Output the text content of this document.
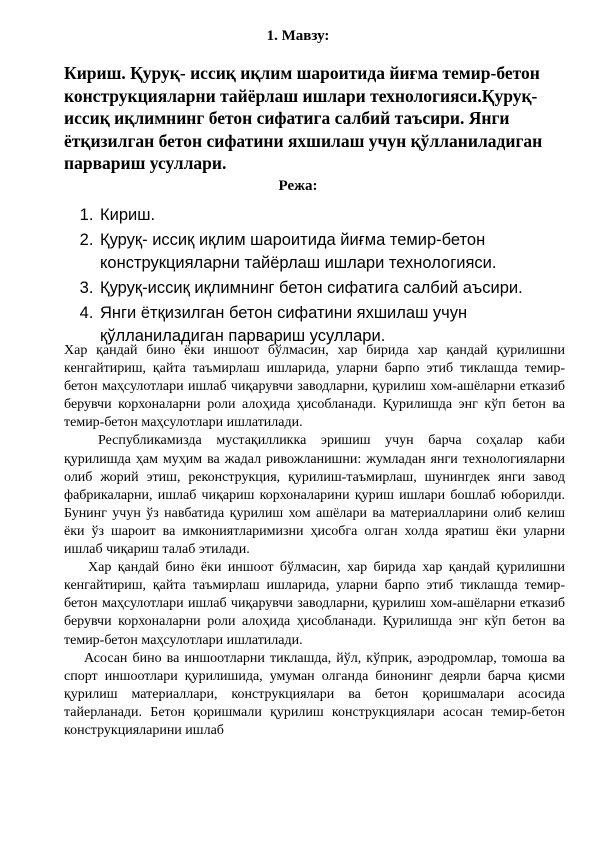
1. Мавзу:
Кириш. Қуруқ- иссиқ иқлим шароитида йиғма темир-бетон конструкцияларни тайёрлаш ишлари технологияси.Қуруқ-иссиқ иқлимнинг бетон сифатига салбий таъсири. Янги ётқизилган бетон сифатини яхшилаш учун қўлланиладиган парвариш усуллари.
Режа:
1. Кириш.
2. Қуруқ- иссиқ иқлим шароитида йиғма темир-бетон конструкцияларни тайёрлаш ишлари технологияси.
3. Қуруқ-иссиқ иқлимнинг бетон сифатига салбий аъсири.
4. Янги ётқизилган бетон сифатини яхшилаш учун қўлланиладиган парвариш усуллари.

Хар қандай бино ёки иншоот бўлмасин, хар бирида хар қандай қурилишни кенгайтириш, қайта таъмирлаш ишларида, уларни барпо этиб тиклашда темир-бетон маҳсулотлари ишлаб чиқарувчи заводларни, қурилиш хом-ашёларни етказиб берувчи корхоналарни роли алоҳида ҳисобланади. Қурилишда энг кўп бетон ва темир-бетон маҳсулотлари ишлатилади.

Республикамизда мустақилликка эришиш учун барча соҳалар каби қурилишда ҳам муҳим ва жадал ривожланишни: жумладан янги технологияларни олиб жорий этиш, реконструкция, қурилиш-таъмирлаш, шунингдек янги завод фабрикаларни, ишлаб чиқариш корхоналарини қуриш ишлари бошлаб юборилди. Бунинг учун ўз навбатида қурилиш хом ашёлари ва материалларини олиб келиш ёки ўз шароит ва имкониятларимизни ҳисобга олган холда яратиш ёки уларни ишлаб чиқариш талаб этилади.

Хар қандай бино ёки иншоот бўлмасин, хар бирида хар қандай қурилишни кенгайтириш, қайта таъмирлаш ишларида, уларни барпо этиб тиклашда темир-бетон маҳсулотлари ишлаб чиқарувчи заводларни, қурилиш хом-ашёларни етказиб берувчи корхоналарни роли алоҳида ҳисобланади. Қурилишда энг кўп бетон ва темир-бетон маҳсулотлари ишлатилади.

Асосан бино ва иншоотларни тиклашда, йўл, кўприк, аэродромлар, томоша ва спорт иншоотлари қурилишида, умуман олганда бинонинг деярли барча қисми қурилиш материаллари, конструкциялари ва бетон қоришмалари асосида тайерланади. Бетон қоришмали қурилиш конструкциялари асосан темир-бетон конструкцияларини ишлаб
